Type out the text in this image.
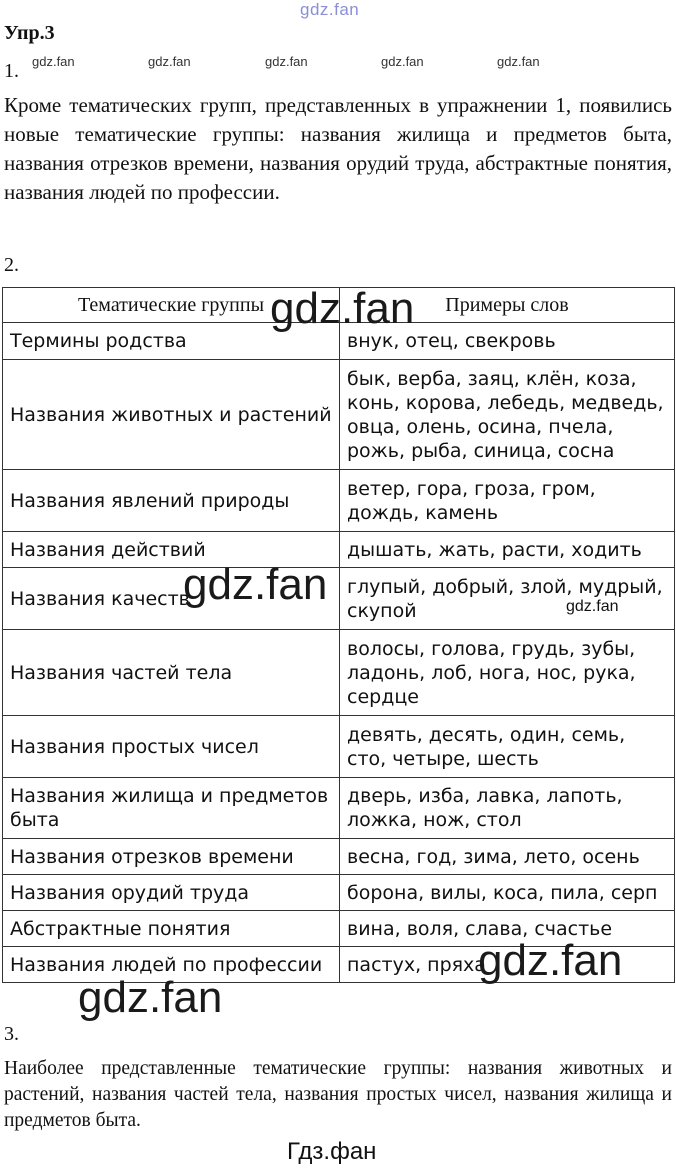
gdz.fan
Упр.3
1. gdz.fan	gdz.fan	gdz.fan	gdz.fan	gdz.fan
Кроме тематических групп, представленных в упражнении 1, появились новые тематические группы: названия жилища и предметов быта, названия отрезков времени, названия орудий труда, абстрактные понятия, названия людей по профессии.
2.
Тематические группы	Примеры слов
Термины родства	внук, отец, свекровь
Названия животных и растений	бык, верба, заяц, клён, коза, конь, корова, лебедь, медведь, овца, олень, осина, пчела, рожь, рыба, синица, сосна
Названия явлений природы	ветер, гора, гроза, гром, дождь, камень
Названия действий	дышать, жать, расти, ходить
Названия качеств	глупый, добрый, злой, мудрый, скупой
Названия частей тела	волосы, голова, грудь, зубы, ладонь, лоб, нога, нос, рука, сердце
Названия простых чисел	девять, десять, один, семь, сто, четыре, шесть
Названия жилища и предметов быта	дверь, изба, лавка, лапоть, ложка, нож, стол
Названия отрезков времени	весна, год, зима, лето, осень
Названия орудий труда	борона, вилы, коса, пила, серп
Абстрактные понятия	вина, воля, слава, счастье
Названия людей по профессии	пастух, пряха
gdz.fan
gdz.fan	gdz.fan
gdz.fan
gdz.fan
3.
Наиболее представленные тематические группы: названия животных и растений, названия частей тела, названия простых чисел, названия жилища и предметов быта.
Гдз.фан
